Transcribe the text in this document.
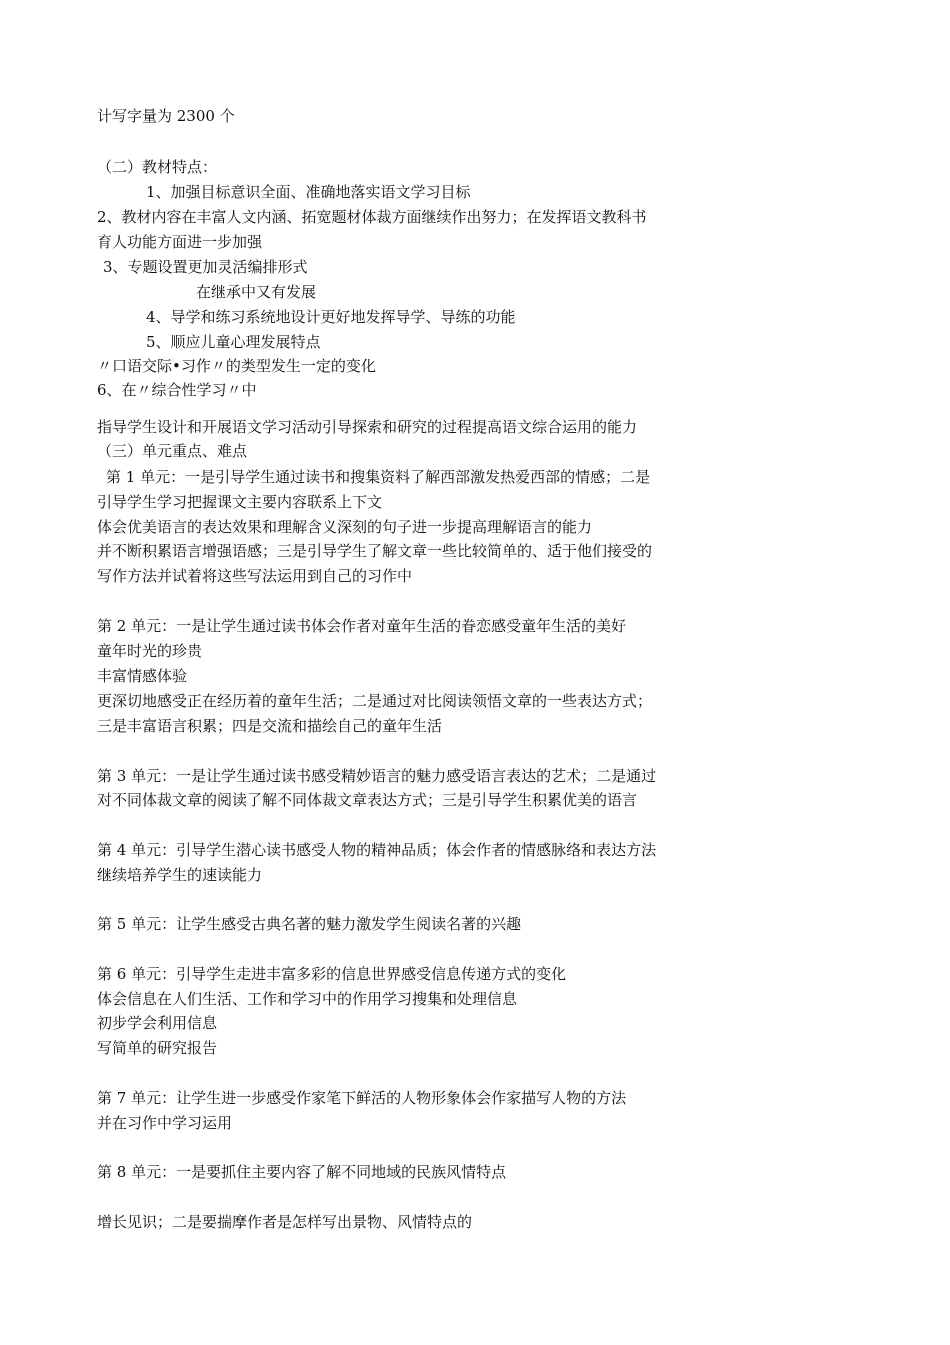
计写字量为 2300 个
（二）教材特点：
1、加强目标意识全面、准确地落实语文学习目标
2、教材内容在丰富人文内涵、拓宽题材体裁方面继续作出努力；在发挥语文教科书
育人功能方面进一步加强
3、专题设置更加灵活编排形式
在继承中又有发展
4、导学和练习系统地设计更好地发挥导学、导练的功能
5、顺应儿童心理发展特点
〃口语交际•习作〃的类型发生一定的变化
6、在〃综合性学习〃中
指导学生设计和开展语文学习活动引导探索和研究的过程提高语文综合运用的能力
（三）单元重点、难点
第 1 单元：一是引导学生通过读书和搜集资料了解西部激发热爱西部的情感；二是
引导学生学习把握课文主要内容联系上下文
体会优美语言的表达效果和理解含义深刻的句子进一步提高理解语言的能力
并不断积累语言增强语感；三是引导学生了解文章一些比较简单的、适于他们接受的
写作方法并试着将这些写法运用到自己的习作中
第 2 单元：一是让学生通过读书体会作者对童年生活的眷恋感受童年生活的美好
童年时光的珍贵
丰富情感体验
更深切地感受正在经历着的童年生活；二是通过对比阅读领悟文章的一些表达方式；
三是丰富语言积累；四是交流和描绘自己的童年生活
第 3 单元：一是让学生通过读书感受精妙语言的魅力感受语言表达的艺术；二是通过
对不同体裁文章的阅读了解不同体裁文章表达方式；三是引导学生积累优美的语言
第 4 单元：引导学生潜心读书感受人物的精神品质；体会作者的情感脉络和表达方法
继续培养学生的速读能力
第 5 单元：让学生感受古典名著的魅力激发学生阅读名著的兴趣
第 6 单元：引导学生走进丰富多彩的信息世界感受信息传递方式的变化
体会信息在人们生活、工作和学习中的作用学习搜集和处理信息
初步学会利用信息
写简单的研究报告
第 7 单元：让学生进一步感受作家笔下鲜活的人物形象体会作家描写人物的方法
并在习作中学习运用
第 8 单元：一是要抓住主要内容了解不同地域的民族风情特点
增长见识；二是要揣摩作者是怎样写出景物、风情特点的
